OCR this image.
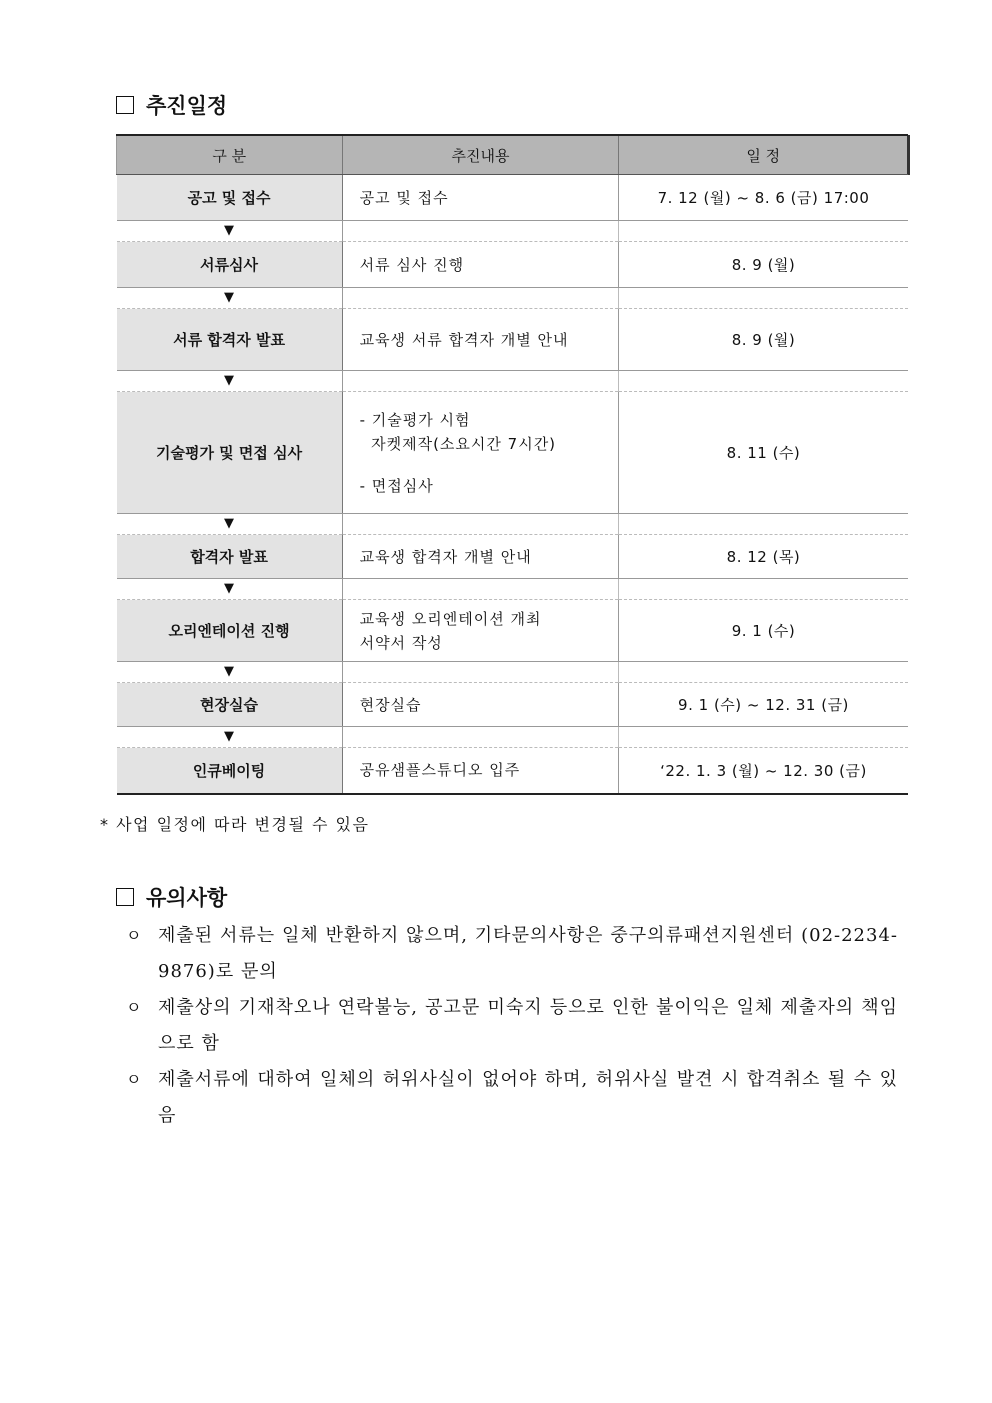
추진일정
구 분	추진내용	일 정
공고 및 접수	공고 및 접수	7. 12 (월) ~ 8. 6 (금) 17:00
▼		
서류심사	서류 심사 진행	8. 9 (월)
▼		
서류 합격자 발표	교육생 서류 합격자 개별 안내	8. 9 (월)
▼		
기술평가 및 면접 심사	- 기술평가 시험
자켓제작(소요시간 7시간)
- 면접심사	8. 11 (수)
▼		
합격자 발표	교육생 합격자 개별 안내	8. 12 (목)
▼		
오리엔테이션 진행	교육생 오리엔테이션 개최
서약서 작성	9. 1 (수)
▼		
현장실습	현장실습	9. 1 (수) ~ 12. 31 (금)
▼		
인큐베이팅	공유샘플스튜디오 입주	‘22. 1. 3 (월) ~ 12. 30 (금)
* 사업 일정에 따라 변경될 수 있음
유의사항
ㅇ 제출된 서류는 일체 반환하지 않으며, 기타문의사항은 중구의류패션지원센터 (02-2234-9876)로 문의
ㅇ 제출상의 기재착오나 연락불능, 공고문 미숙지 등으로 인한 불이익은 일체 제출자의 책임으로 함
ㅇ 제출서류에 대하여 일체의 허위사실이 없어야 하며, 허위사실 발견 시 합격취소 될 수 있음
